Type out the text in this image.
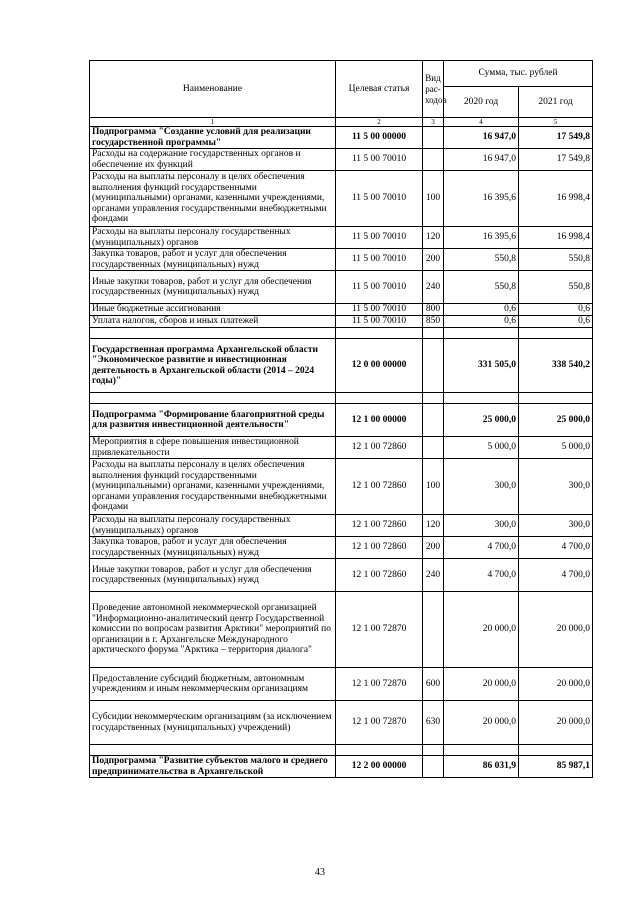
Наименование	Целевая статья	Вид рас-ходов	Сумма, тыс. рублей	
			2020 год	2021 год
1	2	3	4	5
Подпрограмма "Создание условий для реализации государственной программы"	11 5 00 00000		16 947,0	17 549,8
Расходы на содержание государственных органов и обеспечение их функций	11 5 00 70010		16 947,0	17 549,8
Расходы на выплаты персоналу в целях обеспечения выполнения функций государственными (муниципальными) органами, казенными учреждениями, органами управления государственными внебюджетными фондами	11 5 00 70010	100	16 395,6	16 998,4
Расходы на выплаты персоналу государственных (муниципальных) органов	11 5 00 70010	120	16 395,6	16 998,4
Закупка товаров, работ и услуг для обеспечения государственных (муниципальных) нужд	11 5 00 70010	200	550,8	550,8
Иные закупки товаров, работ и услуг для обеспечения государственных (муниципальных) нужд	11 5 00 70010	240	550,8	550,8
Иные бюджетные ассигнования	11 5 00 70010	800	0,6	0,6
Уплата налогов, сборов и иных платежей	11 5 00 70010	850	0,6	0,6

Государственная программа Архангельской области "Экономическое развитие и инвестиционная деятельность в Архангельской области (2014 – 2024 годы)"	12 0 00 00000		331 505,0	338 540,2

Подпрограмма "Формирование благоприятной среды для развития инвестиционной деятельности"	12 1 00 00000		25 000,0	25 000,0
Мероприятия в сфере повышения инвестиционной привлекательности	12 1 00 72860		5 000,0	5 000,0
Расходы на выплаты персоналу в целях обеспечения выполнения функций государственными (муниципальными) органами, казенными учреждениями, органами управления государственными внебюджетными фондами	12 1 00 72860	100	300,0	300,0
Расходы на выплаты персоналу государственных (муниципальных) органов	12 1 00 72860	120	300,0	300,0
Закупка товаров, работ и услуг для обеспечения государственных (муниципальных) нужд	12 1 00 72860	200	4 700,0	4 700,0
Иные закупки товаров, работ и услуг для обеспечения государственных (муниципальных) нужд	12 1 00 72860	240	4 700,0	4 700,0
Проведение автономной некоммерческой организацией "Информационно-аналитический центр Государственной комиссии по вопросам развития Арктики" мероприятий по организации в г. Архангельске Международного арктического форума "Арктика – территория диалога"	12 1 00 72870		20 000,0	20 000,0
Предоставление субсидий бюджетным, автономным учреждениям и иным некоммерческим организациям	12 1 00 72870	600	20 000,0	20 000,0
Субсидии некоммерческим организациям (за исключением государственных (муниципальных) учреждений)	12 1 00 72870	630	20 000,0	20 000,0

Подпрограмма "Развитие субъектов малого и среднего предпринимательства в Архангельской	12 2 00 00000		86 031,9	85 987,1
43
